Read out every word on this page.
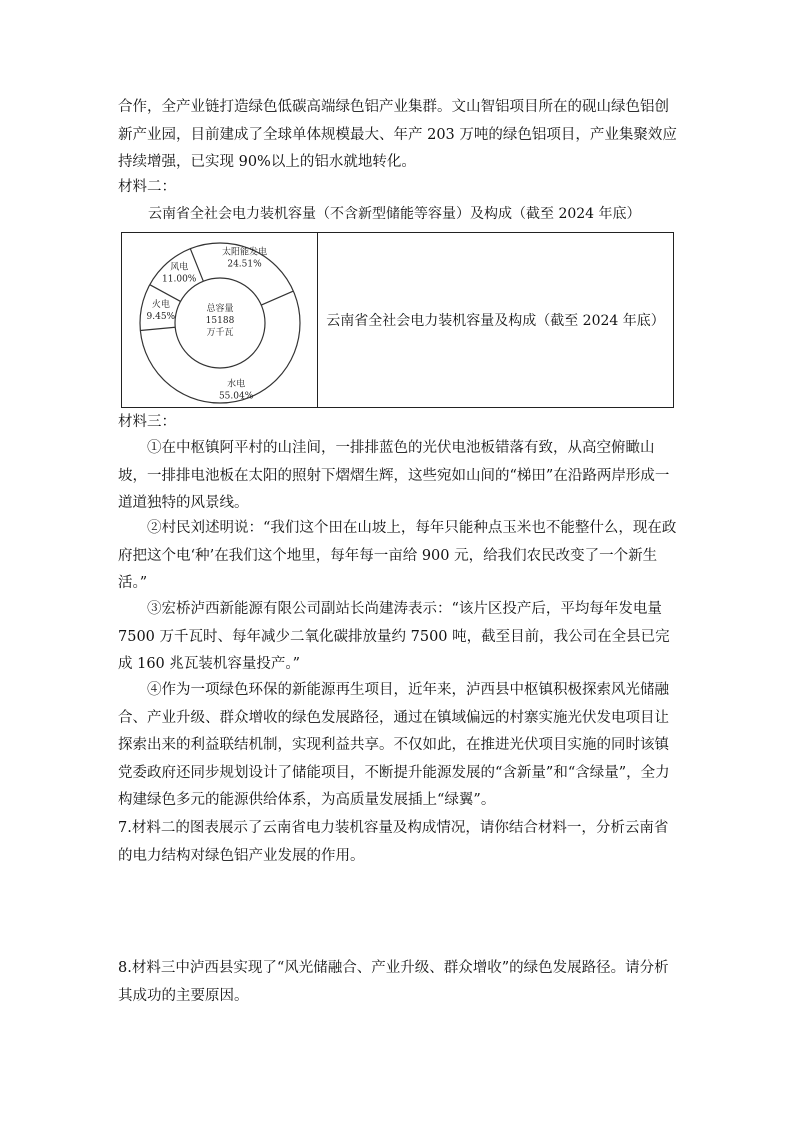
合作，全产业链打造绿色低碳高端绿色铝产业集群。文山智铝项目所在的砚山绿色铝创新产业园，目前建成了全球单体规模最大、年产 203 万吨的绿色铝项目，产业集聚效应持续增强，已实现 90%以上的铝水就地转化。

材料二：

云南省全社会电力装机容量（不含新型储能等容量）及构成（截至 2024 年底）

太阳能发电
24.51%
水电
55.04%
火电
9.45%
风电
11.00%
总容量
15188
万千瓦
云南省全社会电力装机容量及构成（截至 2024 年底）

材料三：

①在中枢镇阿平村的山洼间，一排排蓝色的光伏电池板错落有致，从高空俯瞰山坡，一排排电池板在太阳的照射下熠熠生辉，这些宛如山间的“梯田”在沿路两岸形成一道道独特的风景线。

②村民刘述明说：“我们这个田在山坡上，每年只能种点玉米也不能整什么，现在政府把这个电‘种’在我们这个地里，每年每一亩给 900 元，给我们农民改变了一个新生活。”

③宏桥泸西新能源有限公司副站长尚建涛表示：“该片区投产后，平均每年发电量 7500 万千瓦时、每年减少二氧化碳排放量约 7500 吨，截至目前，我公司在全县已完成 160 兆瓦装机容量投产。”

④作为一项绿色环保的新能源再生项目，近年来，泸西县中枢镇积极探索风光储融合、产业升级、群众增收的绿色发展路径，通过在镇域偏远的村寨实施光伏发电项目让探索出来的利益联结机制，实现利益共享。不仅如此，在推进光伏项目实施的同时该镇党委政府还同步规划设计了储能项目，不断提升能源发展的“含新量”和“含绿量”，全力构建绿色多元的能源供给体系，为高质量发展插上“绿翼”。

7.材料二的图表展示了云南省电力装机容量及构成情况，请你结合材料一，分析云南省的电力结构对绿色铝产业发展的作用。

8.材料三中泸西县实现了“风光储融合、产业升级、群众增收”的绿色发展路径。请分析其成功的主要原因。
